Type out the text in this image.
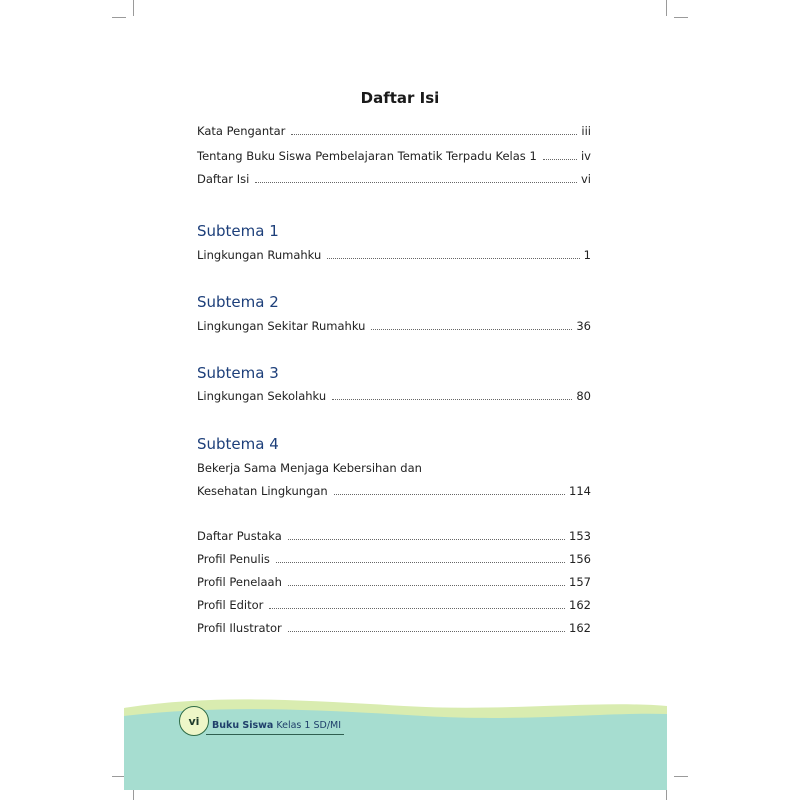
Daftar Isi
Kata Pengantar	iii
Tentang Buku Siswa Pembelajaran Tematik Terpadu Kelas 1	iv
Daftar Isi	vi
Subtema 1
Lingkungan Rumahku	1
Subtema 2
Lingkungan Sekitar Rumahku	36
Subtema 3
Lingkungan Sekolahku	80
Subtema 4
Bekerja Sama Menjaga Kebersihan dan
Kesehatan Lingkungan	114
Daftar Pustaka	153
Profil Penulis	156
Profil Penelaah	157
Profil Editor	162
Profil Ilustrator	162
vi	Buku Siswa Kelas 1 SD/MI
